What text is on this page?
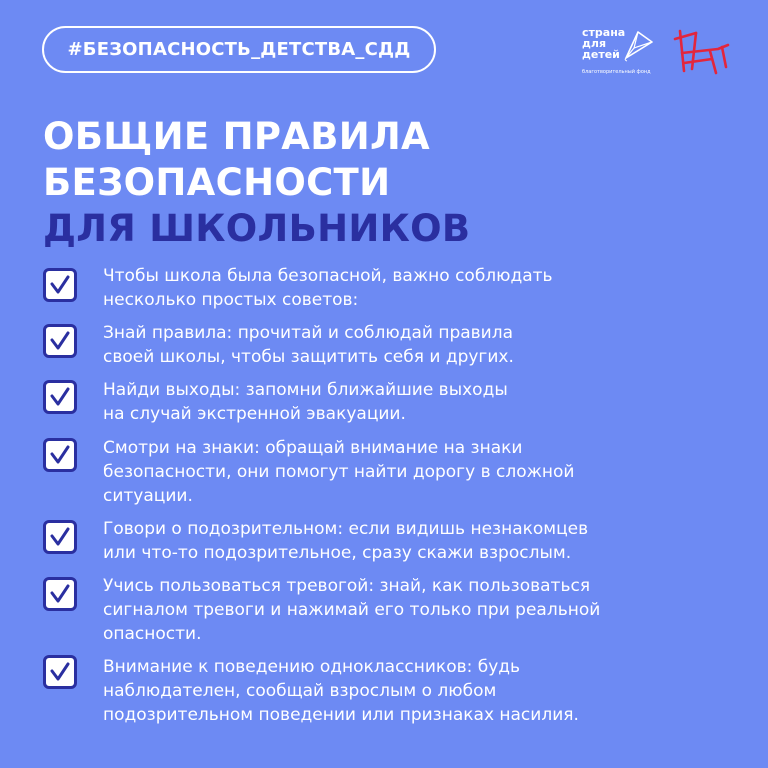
#БЕЗОПАСНОСТЬ_ДЕТСТВА_СДД
страна
для
детей
благотворительный фонд
ОБЩИЕ ПРАВИЛА
БЕЗОПАСНОСТИ
ДЛЯ ШКОЛЬНИКОВ
Чтобы школа была безопасной, важно соблюдать
несколько простых советов:
Знай правила: прочитай и соблюдай правила
своей школы, чтобы защитить себя и других.
Найди выходы: запомни ближайшие выходы
на случай экстренной эвакуации.
Смотри на знаки: обращай внимание на знаки
безопасности, они помогут найти дорогу в сложной
ситуации.
Говори о подозрительном: если видишь незнакомцев
или что-то подозрительное, сразу скажи взрослым.
Учись пользоваться тревогой: знай, как пользоваться
сигналом тревоги и нажимай его только при реальной
опасности.
Внимание к поведению одноклассников: будь
наблюдателен, сообщай взрослым о любом
подозрительном поведении или признаках насилия.
